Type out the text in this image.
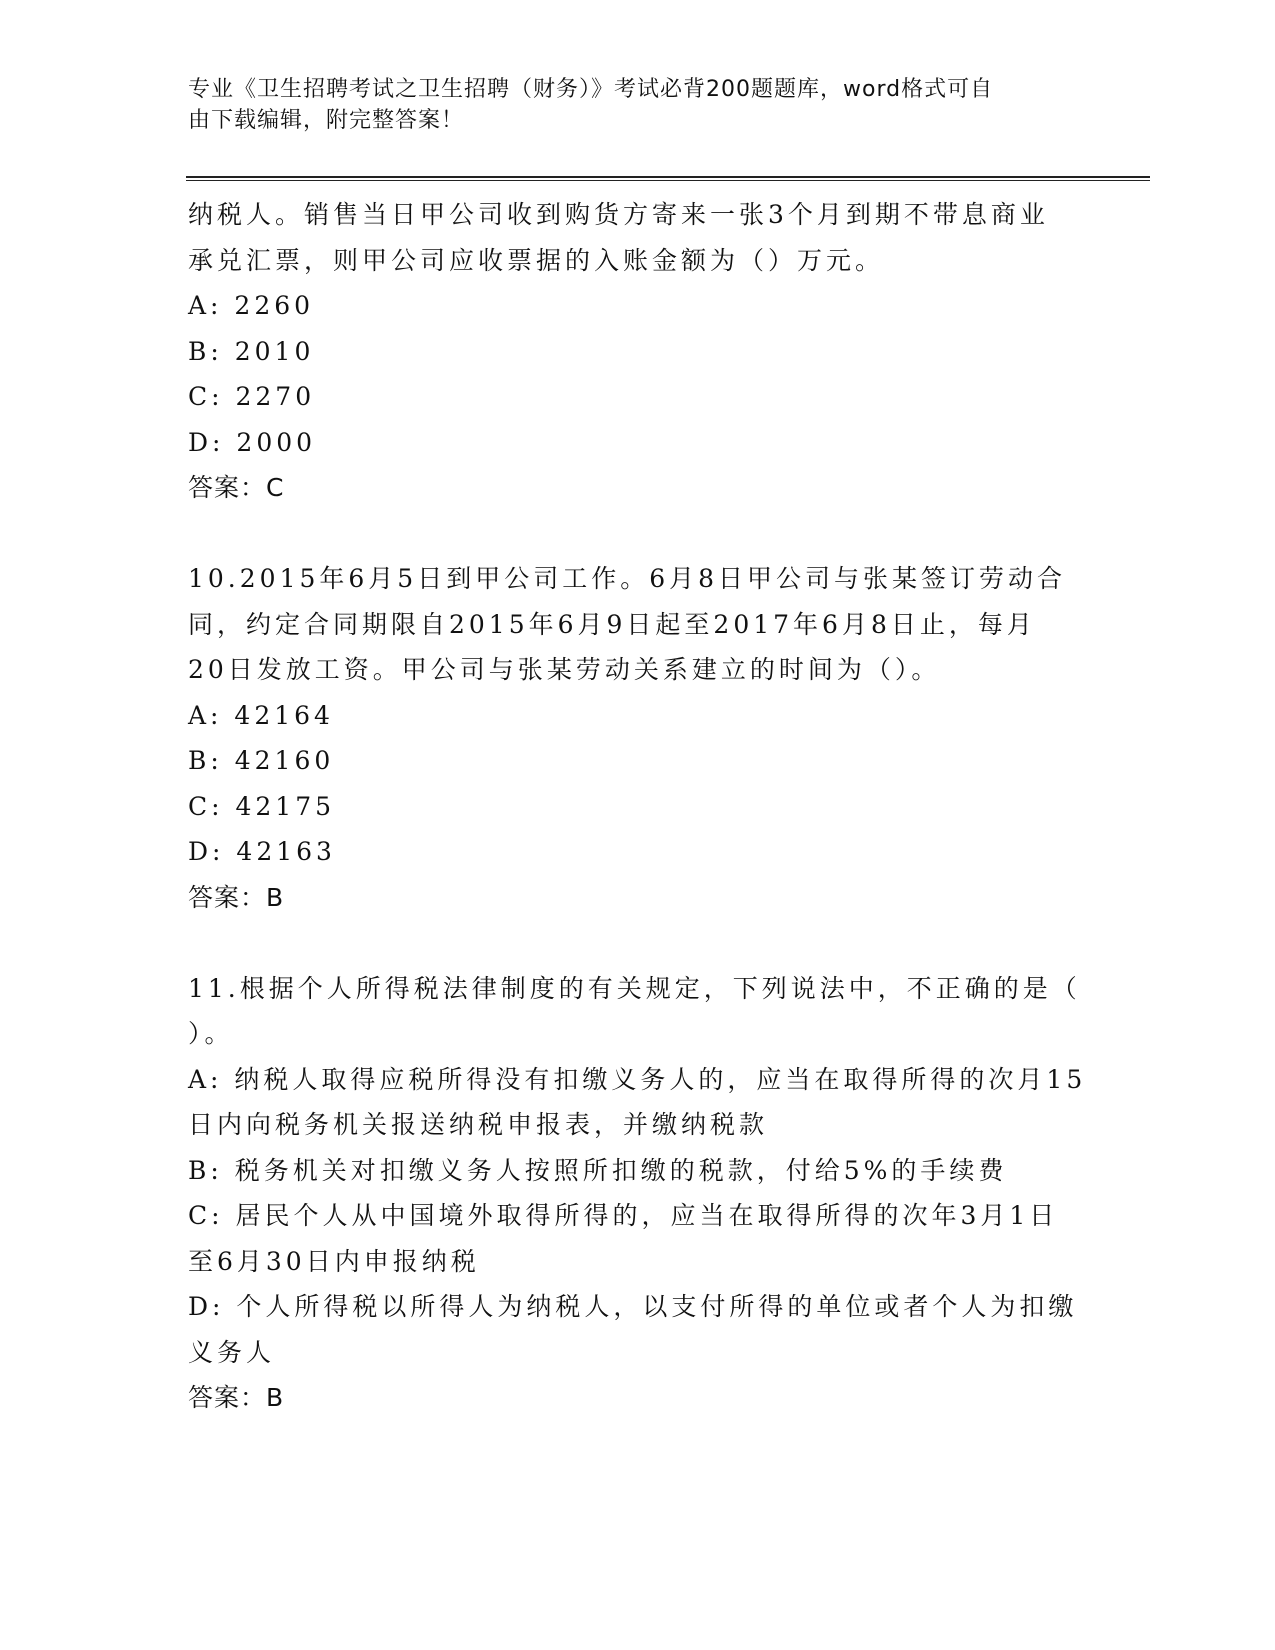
专业《卫生招聘考试之卫生招聘（财务）》考试必背200题题库，word格式可自
由下载编辑，附完整答案！
纳税人。销售当日甲公司收到购货方寄来一张3个月到期不带息商业
承兑汇票，则甲公司应收票据的入账金额为（）万元。
A: 2260
B: 2010
C: 2270
D: 2000
答案：C
10.2015年6月5日到甲公司工作。6月8日甲公司与张某签订劳动合
同，约定合同期限自2015年6月9日起至2017年6月8日止，每月
20日发放工资。甲公司与张某劳动关系建立的时间为（）。
A: 42164
B: 42160
C: 42175
D: 42163
答案：B
11.根据个人所得税法律制度的有关规定，下列说法中，不正确的是（
）。
A: 纳税人取得应税所得没有扣缴义务人的，应当在取得所得的次月15
日内向税务机关报送纳税申报表，并缴纳税款
B: 税务机关对扣缴义务人按照所扣缴的税款，付给5%的手续费
C: 居民个人从中国境外取得所得的，应当在取得所得的次年3月1日
至6月30日内申报纳税
D: 个人所得税以所得人为纳税人，以支付所得的单位或者个人为扣缴
义务人
答案：B
